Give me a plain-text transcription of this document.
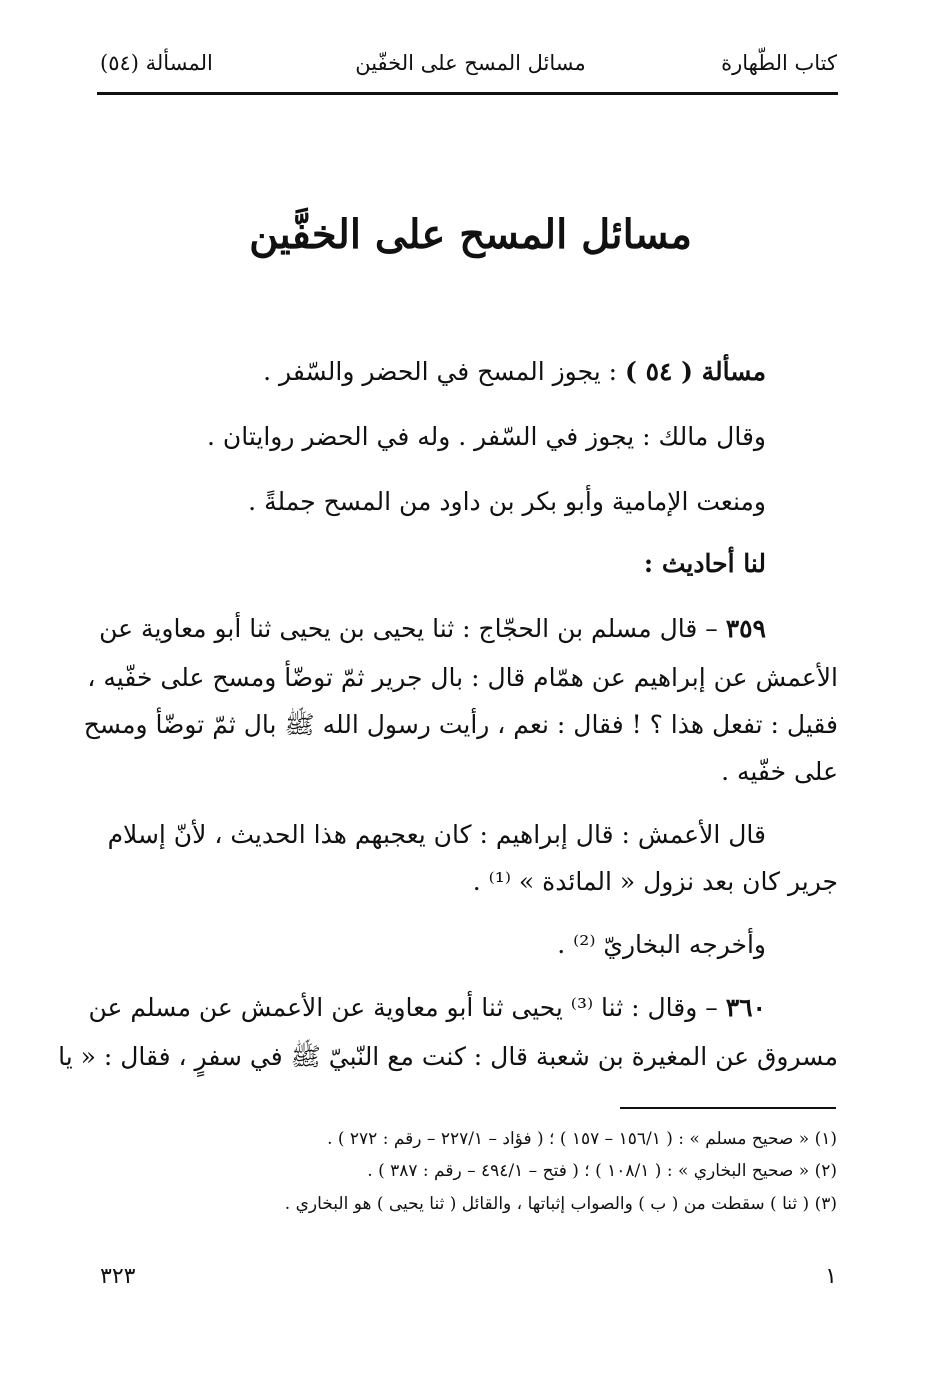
كتاب الطّهارة
مسائل المسح على الخفّين
المسألة (٥٤)
مسائل المسح على الخفَّين
مسألة ( ٥٤ ) : يجوز المسح في الحضر والسّفر .
وقال مالك : يجوز في السّفر . وله في الحضر روايتان .
ومنعت الإمامية وأبو بكر بن داود من المسح جملةً .
لنا أحاديث :
٣٥٩ – قال مسلم بن الحجّاج : ثنا يحيى بن يحيى ثنا أبو معاوية عن
الأعمش عن إبراهيم عن همّام قال : بال جرير ثمّ توضّأ ومسح على خفّيه ،
فقيل : تفعل هذا ؟ ! فقال : نعم ، رأيت رسول الله ﷺ بال ثمّ توضّأ ومسح
على خفّيه .
قال الأعمش : قال إبراهيم : كان يعجبهم هذا الحديث ، لأنّ إسلام
جرير كان بعد نزول « المائدة » ⁽¹⁾ .
وأخرجه البخاريّ ⁽²⁾ .
٣٦٠ – وقال : ثنا ⁽³⁾ يحيى ثنا أبو معاوية عن الأعمش عن مسلم عن
مسروق عن المغيرة بن شعبة قال : كنت مع النّبيّ ﷺ في سفرٍ ، فقال : « يا
(١) « صحيح مسلم » : ( ١٥٦/١ – ١٥٧ ) ؛ ( فؤاد – ٢٢٧/١ – رقم : ٢٧٢ ) .
(٢) « صحيح البخاري » : ( ١٠٨/١ ) ؛ ( فتح – ٤٩٤/١ – رقم : ٣٨٧ ) .
(٣) ( ثنا ) سقطت من ( ب ) والصواب إثباتها ، والقائل ( ثنا يحيى ) هو البخاري .
٣٢٣	١
